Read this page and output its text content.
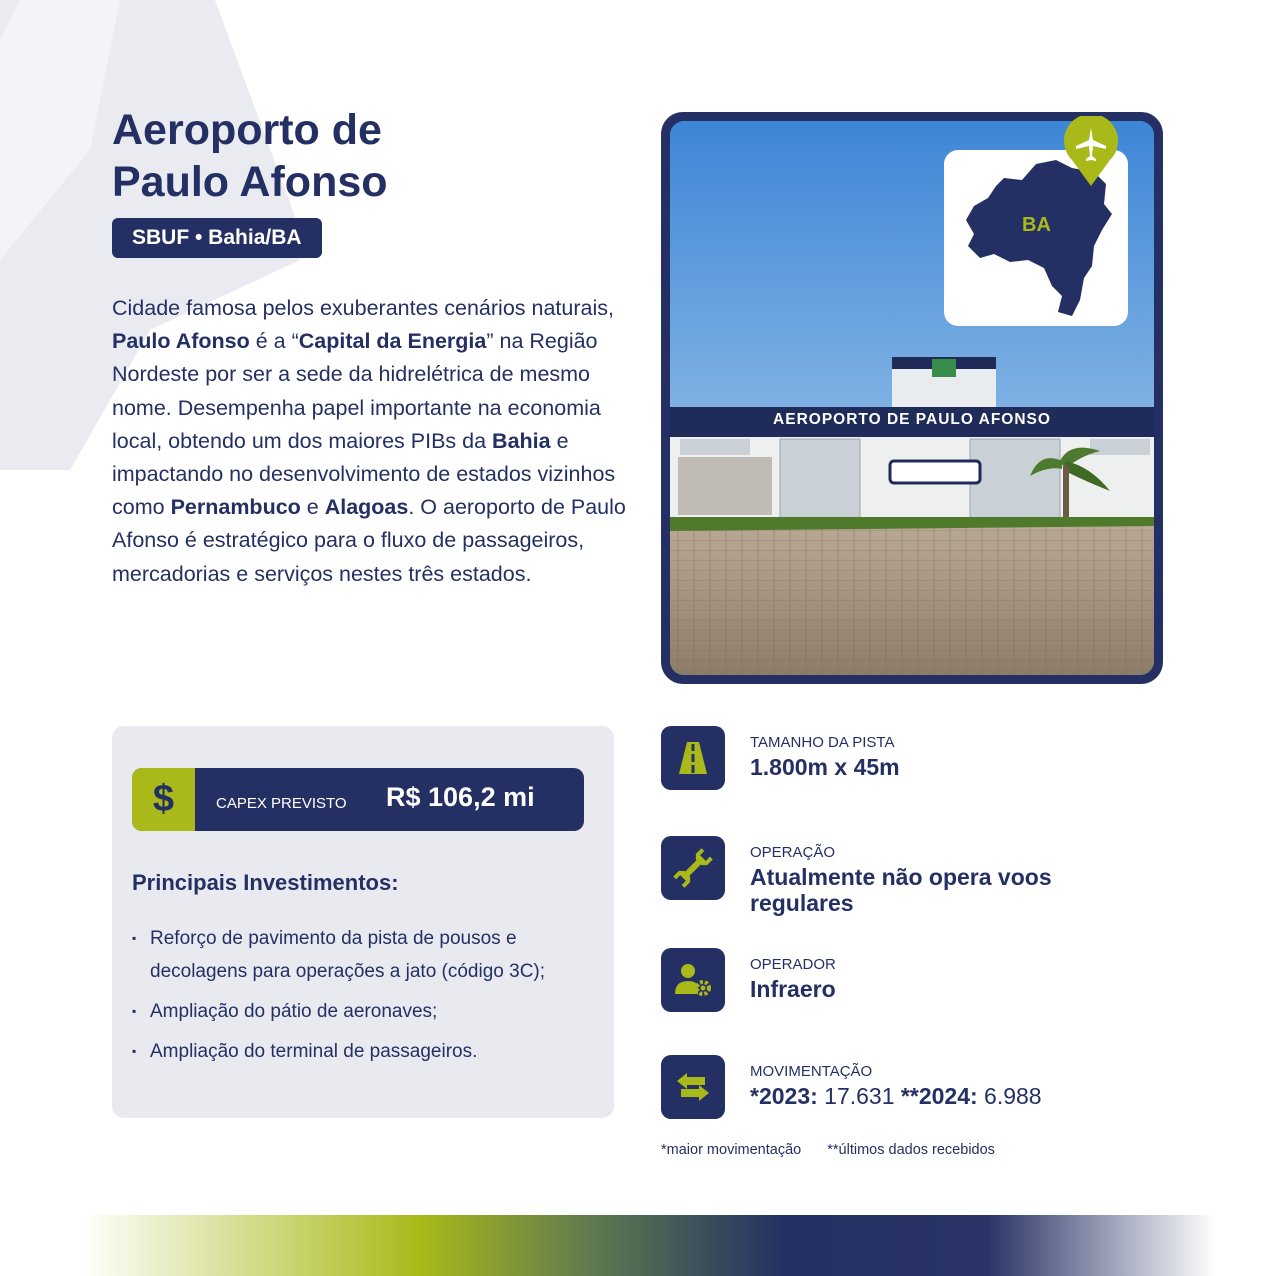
Aeroporto de
Paulo Afonso
SBUF • Bahia/BA

Cidade famosa pelos exuberantes cenários naturais, Paulo Afonso é a “Capital da Energia” na Região Nordeste por ser a sede da hidrelétrica de mesmo nome. Desempenha papel importante na economia local, obtendo um dos maiores PIBs da Bahia e impactando no desenvolvimento de estados vizinhos como Pernambuco e Alagoas. O aeroporto de Paulo Afonso é estratégico para o fluxo de passageiros, mercadorias e serviços nestes três estados.

AEROPORTO DE PAULO AFONSO
BA
$	CAPEX PREVISTO R$ 106,2 mi
Principais Investimentos:
▪ Reforço de pavimento da pista de pousos e decolagens para operações a jato (código 3C);
▪ Ampliação do pátio de aeronaves;
▪ Ampliação do terminal de passageiros.
TAMANHO DA PISTA
1.800m x 45m
OPERAÇÃO
Atualmente não opera voos regulares
OPERADOR
Infraero
MOVIMENTAÇÃO
*2023: 17.631 **2024: 6.988
*maior movimentação **últimos dados recebidos
